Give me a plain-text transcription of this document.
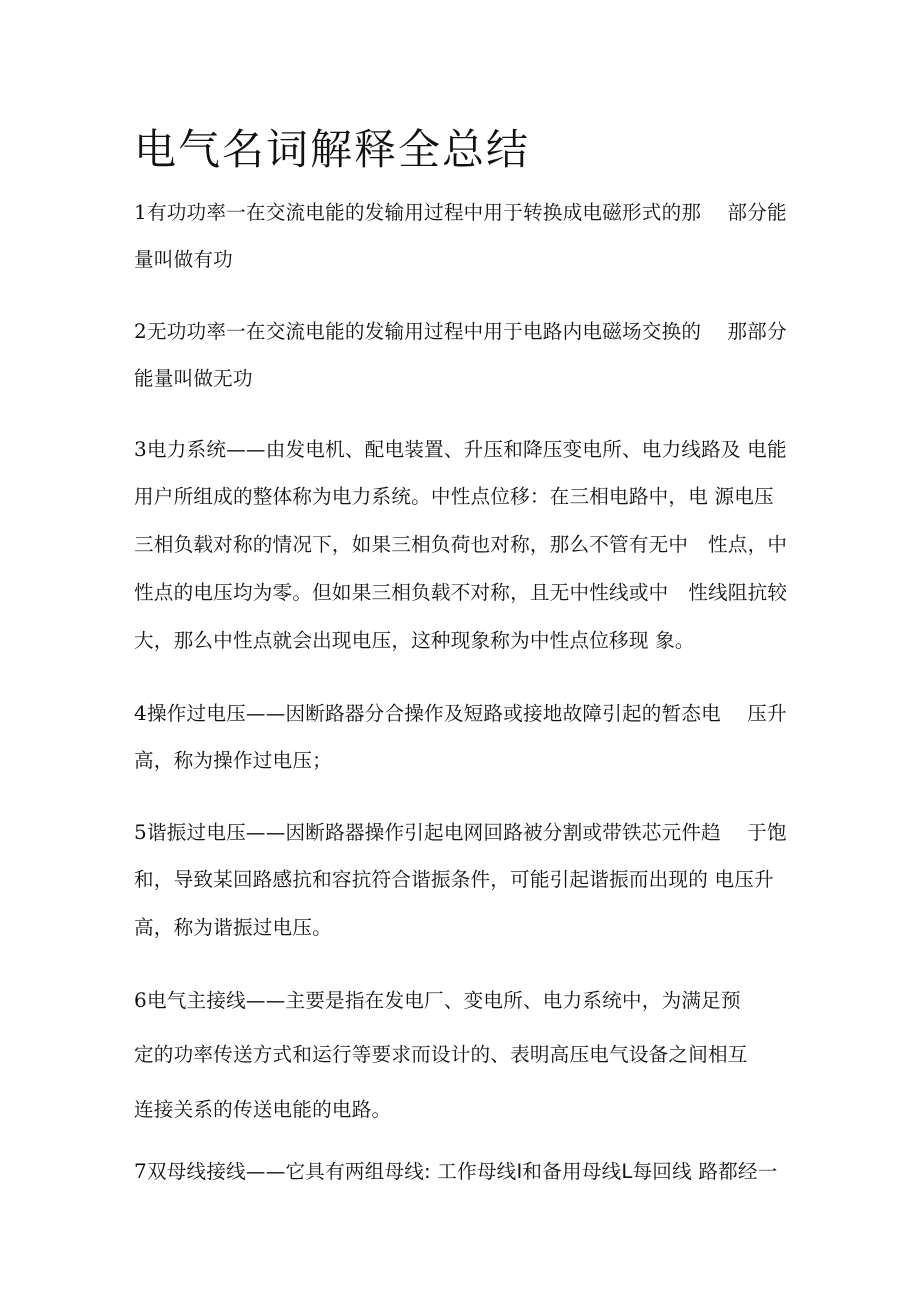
电气名词解释全总结

1有功功率一在交流电能的发输用过程中用于转换成电磁形式的那　 部分能

量叫做有功

2无功功率一在交流电能的发输用过程中用于电路内电磁场交换的　 那部分

能量叫做无功

3电力系统——由发电机、配电装置、升压和降压变电所、电力线路及 电能

用户所组成的整体称为电力系统。中性点位移：在三相电路中，电 源电压

三相负载对称的情况下，如果三相负荷也对称，那么不管有无中　性点，中

性点的电压均为零。但如果三相负载不对称，且无中性线或中　性线阻抗较

大，那么中性点就会出现电压，这种现象称为中性点位移现 象。

4操作过电压——因断路器分合操作及短路或接地故障引起的暂态电　 压升

高，称为操作过电压；

5谐振过电压——因断路器操作引起电网回路被分割或带铁芯元件趋　 于饱

和，导致某回路感抗和容抗符合谐振条件，可能引起谐振而出现的 电压升

高，称为谐振过电压。

6电气主接线——主要是指在发电厂、变电所、电力系统中，为满足预

定的功率传送方式和运行等要求而设计的、表明高压电气设备之间相互

连接关系的传送电能的电路。

7双母线接线——它具有两组母线: 工作母线I和备用母线L每回线 路都经一
